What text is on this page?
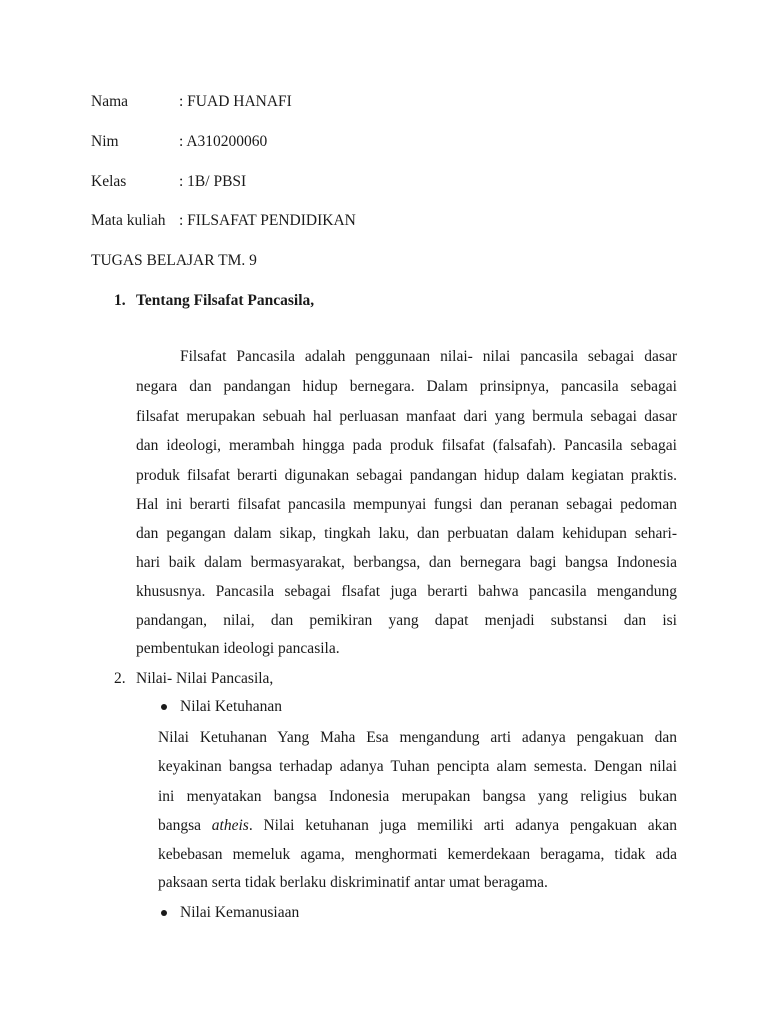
Nama	: FUAD HANAFI
Nim	: A310200060
Kelas	: 1B/ PBSI
Mata kuliah : FILSAFAT PENDIDIKAN
TUGAS BELAJAR TM. 9
1. Tentang Filsafat Pancasila,
Filsafat Pancasila adalah penggunaan nilai- nilai pancasila sebagai dasar
negara dan pandangan hidup bernegara. Dalam prinsipnya, pancasila sebagai
filsafat merupakan sebuah hal perluasan manfaat dari yang bermula sebagai dasar
dan ideologi, merambah hingga pada produk filsafat (falsafah). Pancasila sebagai
produk filsafat berarti digunakan sebagai pandangan hidup dalam kegiatan praktis.
Hal ini berarti filsafat pancasila mempunyai fungsi dan peranan sebagai pedoman
dan pegangan dalam sikap, tingkah laku, dan perbuatan dalam kehidupan sehari-
hari baik dalam bermasyarakat, berbangsa, dan bernegara bagi bangsa Indonesia
khususnya. Pancasila sebagai flsafat juga berarti bahwa pancasila mengandung
pandangan, nilai, dan pemikiran yang dapat menjadi substansi dan isi
pembentukan ideologi pancasila.
2. Nilai- Nilai Pancasila,
Nilai Ketuhanan
Nilai Ketuhanan Yang Maha Esa mengandung arti adanya pengakuan dan
keyakinan bangsa terhadap adanya Tuhan pencipta alam semesta. Dengan nilai
ini menyatakan bangsa Indonesia merupakan bangsa yang religius bukan
bangsa atheis. Nilai ketuhanan juga memiliki arti adanya pengakuan akan
kebebasan memeluk agama, menghormati kemerdekaan beragama, tidak ada
paksaan serta tidak berlaku diskriminatif antar umat beragama.
Nilai Kemanusiaan
